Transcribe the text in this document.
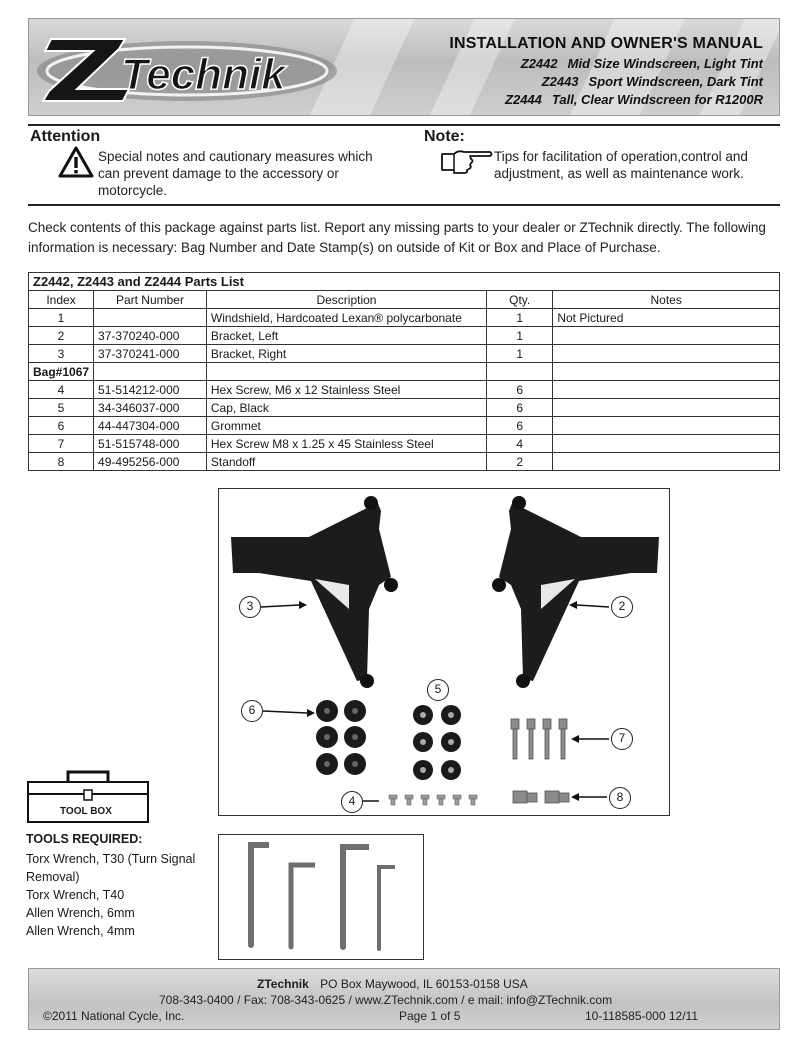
Technik
INSTALLATION AND OWNER'S MANUAL
Z2442 Mid Size Windscreen, Light Tint
Z2443 Sport Windscreen, Dark Tint
Z2444 Tall, Clear Windscreen for R1200R
Attention
Special notes and cautionary measures which can prevent damage to the accessory or motorcycle.
Note:
Tips for facilitation of operation,control and adjustment, as well as maintenance work.
Check contents of this package against parts list. Report any missing parts to your dealer or ZTechnik directly. The following information is necessary: Bag Number and Date Stamp(s) on outside of Kit or Box and Place of Purchase.
Z2442, Z2443 and Z2444 Parts List				
Index	Part Number	Description	Qty.	Notes
1		Windshield, Hardcoated Lexan® polycarbonate	1	Not Pictured
2	37-370240-000	Bracket, Left	1	
3	37-370241-000	Bracket, Right	1	
Bag#1067				
4	51-514212-000	Hex Screw, M6 x 12 Stainless Steel	6	
5	34-346037-000	Cap, Black	6	
6	44-447304-000	Grommet	6	
7	51-515748-000	Hex Screw M8 x 1.25 x 45 Stainless Steel	4	
8	49-495256-000	Standoff	2	
3	2
6
5
7
4	8
TOOL BOX
TOOLS REQUIRED:
Torx Wrench, T30 (Turn Signal Removal)
Torx Wrench, T40
Allen Wrench, 6mm
Allen Wrench, 4mm
ZTechnik PO Box Maywood, IL 60153-0158 USA
708-343-0400 / Fax: 708-343-0625 / www.ZTechnik.com / e mail: info@ZTechnik.com
©2011 National Cycle, Inc.	Page 1 of 5	10-118585-000 12/11
